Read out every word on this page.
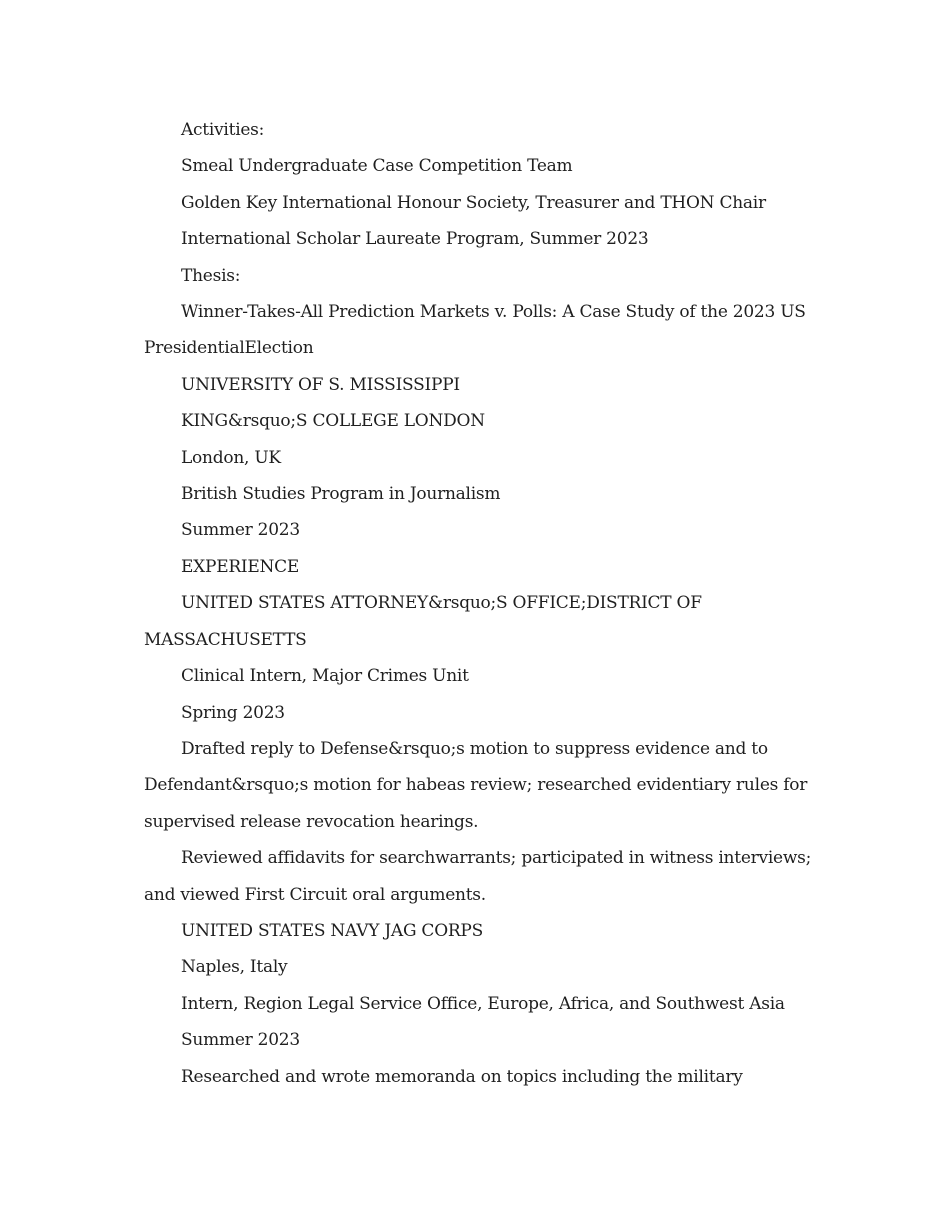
Activities:

Smeal Undergraduate Case Competition Team

Golden Key International Honour Society, Treasurer and THON Chair

International Scholar Laureate Program, Summer 2023

Thesis:

Winner-Takes-All Prediction Markets v. Polls: A Case Study of the 2023 US PresidentialElection

UNIVERSITY OF S. MISSISSIPPI

KING&rsquo;S COLLEGE LONDON

London, UK

British Studies Program in Journalism

Summer 2023

EXPERIENCE

UNITED STATES ATTORNEY&rsquo;S OFFICE;DISTRICT OF MASSACHUSETTS

Clinical Intern, Major Crimes Unit

Spring 2023

Drafted reply to Defense&rsquo;s motion to suppress evidence and to Defendant&rsquo;s motion for habeas review; researched evidentiary rules for supervised release revocation hearings.

Reviewed affidavits for searchwarrants; participated in witness interviews; and viewed First Circuit oral arguments.

UNITED STATES NAVY JAG CORPS

Naples, Italy

Intern, Region Legal Service Office, Europe, Africa, and Southwest Asia

Summer 2023

Researched and wrote memoranda on topics including the military
